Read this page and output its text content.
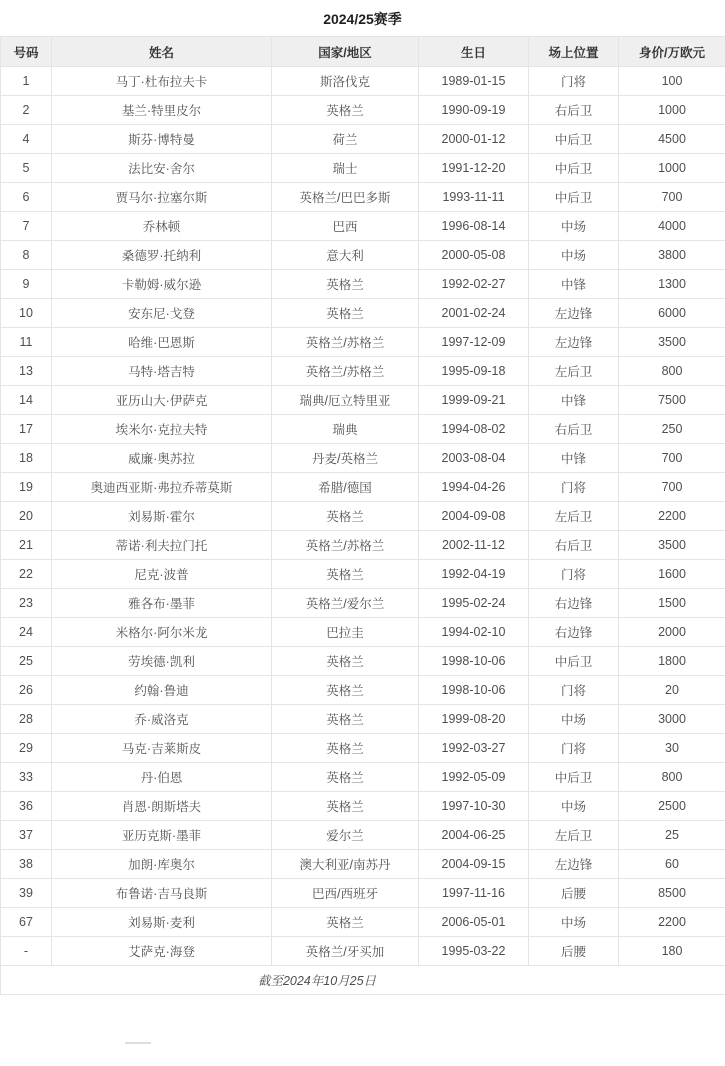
2024/25赛季
号码	姓名	国家/地区	生日	场上位置	身价/万欧元
1	马丁·杜布拉夫卡	斯洛伐克	1989-01-15	门将	100
2	基兰·特里皮尔	英格兰	1990-09-19	右后卫	1000
4	斯芬·博特曼	荷兰	2000-01-12	中后卫	4500
5	法比安·舍尔	瑞士	1991-12-20	中后卫	1000
6	贾马尔·拉塞尔斯	英格兰/巴巴多斯	1993-11-11	中后卫	700
7	乔林顿	巴西	1996-08-14	中场	4000
8	桑德罗·托纳利	意大利	2000-05-08	中场	3800
9	卡勒姆·威尔逊	英格兰	1992-02-27	中锋	1300
10	安东尼·戈登	英格兰	2001-02-24	左边锋	6000
11	哈维·巴恩斯	英格兰/苏格兰	1997-12-09	左边锋	3500
13	马特·塔吉特	英格兰/苏格兰	1995-09-18	左后卫	800
14	亚历山大·伊萨克	瑞典/厄立特里亚	1999-09-21	中锋	7500
17	埃米尔·克拉夫特	瑞典	1994-08-02	右后卫	250
18	威廉·奥苏拉	丹麦/英格兰	2003-08-04	中锋	700
19	奥迪西亚斯·弗拉乔蒂莫斯	希腊/德国	1994-04-26	门将	700
20	刘易斯·霍尔	英格兰	2004-09-08	左后卫	2200
21	蒂诺·利夫拉门托	英格兰/苏格兰	2002-11-12	右后卫	3500
22	尼克·波普	英格兰	1992-04-19	门将	1600
23	雅各布·墨菲	英格兰/爱尔兰	1995-02-24	右边锋	1500
24	米格尔·阿尔米龙	巴拉圭	1994-02-10	右边锋	2000
25	劳埃德·凯利	英格兰	1998-10-06	中后卫	1800
26	约翰·鲁迪	英格兰	1998-10-06	门将	20
28	乔·威洛克	英格兰	1999-08-20	中场	3000
29	马克·吉莱斯皮	英格兰	1992-03-27	门将	30
33	丹·伯恩	英格兰	1992-05-09	中后卫	800
36	肖恩·朗斯塔夫	英格兰	1997-10-30	中场	2500
37	亚历克斯·墨菲	爱尔兰	2004-06-25	左后卫	25
38	加朗·库奥尔	澳大利亚/南苏丹	2004-09-15	左边锋	60
39	布鲁诺·吉马良斯	巴西/西班牙	1997-11-16	后腰	8500
67	刘易斯·麦利	英格兰	2006-05-01	中场	2200
-	艾萨克·海登	英格兰/牙买加	1995-03-22	后腰	180
截至2024年10月25日					
